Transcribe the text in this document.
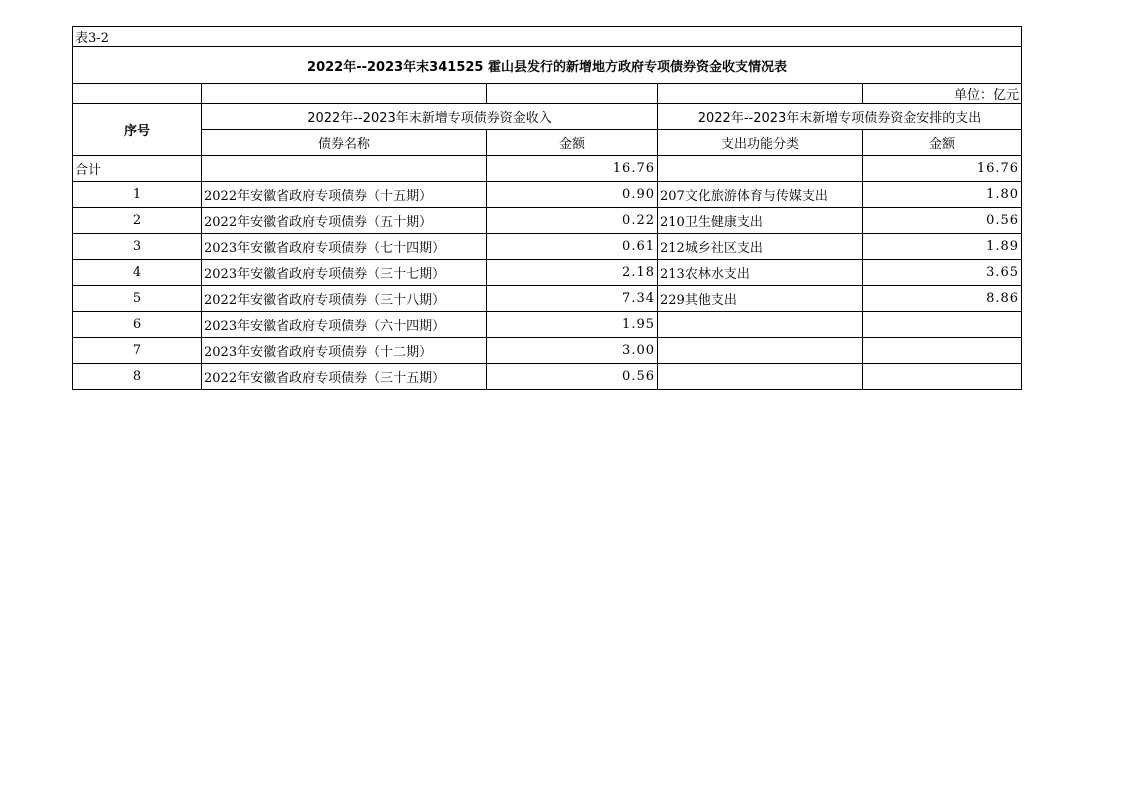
表3-2				
2022年--2023年末341525 霍山县发行的新增地方政府专项债券资金收支情况表				
				单位：亿元
序号	2022年--2023年末新增专项债券资金收入		2022年--2023年末新增专项债券资金安排的支出	
	债券名称	金额	支出功能分类	金额
合计		16.76		16.76
1	2022年安徽省政府专项债券（十五期）	0.90	207文化旅游体育与传媒支出	1.80
2	2022年安徽省政府专项债券（五十期）	0.22	210卫生健康支出	0.56
3	2023年安徽省政府专项债券（七十四期）	0.61	212城乡社区支出	1.89
4	2023年安徽省政府专项债券（三十七期）	2.18	213农林水支出	3.65
5	2022年安徽省政府专项债券（三十八期）	7.34	229其他支出	8.86
6	2023年安徽省政府专项债券（六十四期）	1.95		
7	2023年安徽省政府专项债券（十二期）	3.00		
8	2022年安徽省政府专项债券（三十五期）	0.56		
